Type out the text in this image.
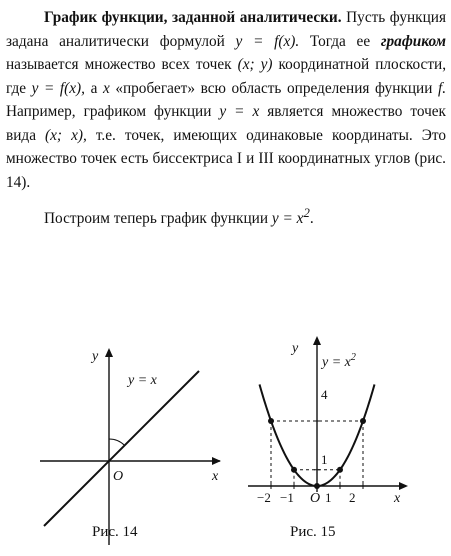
График функции, заданной аналитически. Пусть функция задана аналитически формулой y = f(x). Тогда ее графиком называется множество всех точек (x; y) координатной плоскости, где y = f(x), а x «пробегает» всю область определения функции f. Например, графиком функции y = x является множество точек вида (x; x), т.е. точек, имеющих одинаковые координаты. Это множество точек есть биссектриса I и III координатных углов (рис. 14).

Построим теперь график функции $y = x^2$.

x
y
O
y = x
Рис. 14
y
x
O
$y = x^2$
−2 −1 1 2
1
4
Рис. 15
